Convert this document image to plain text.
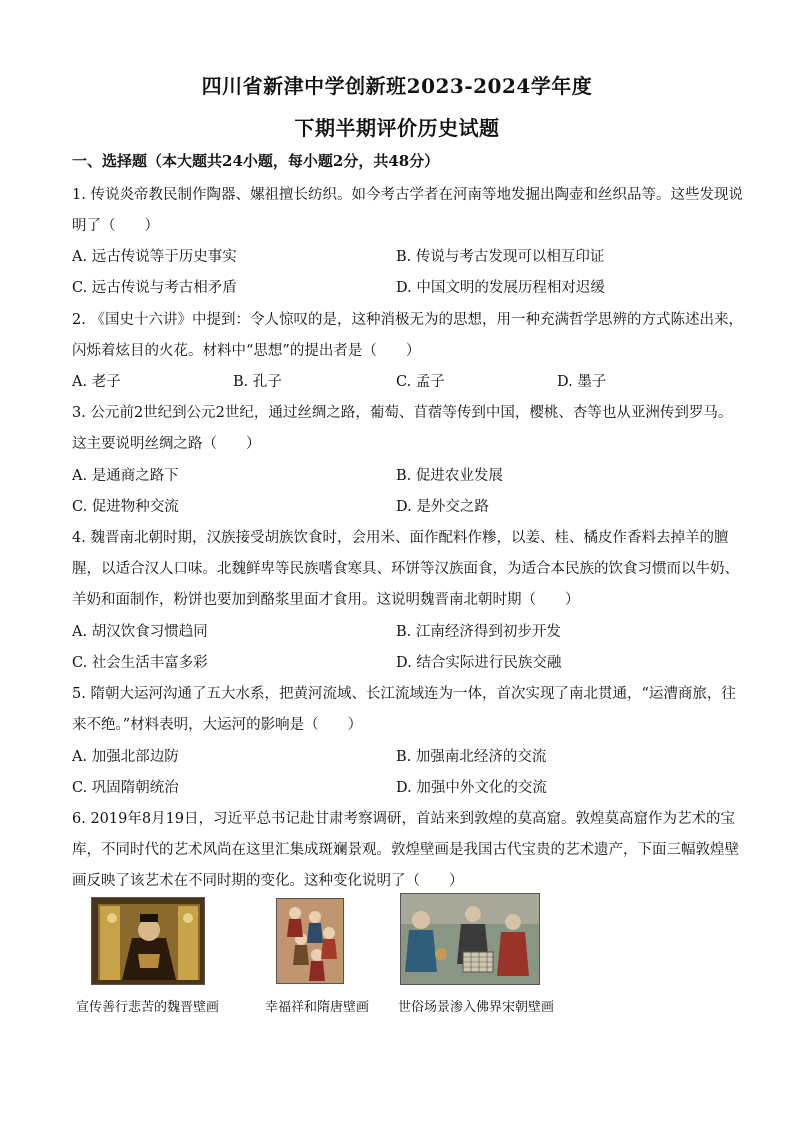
四川省新津中学创新班2023-2024学年度
下期半期评价历史试题
一、选择题（本大题共24小题，每小题2分，共48分）
1. 传说炎帝教民制作陶器、嫘祖擅长纺织。如今考古学者在河南等地发掘出陶壶和丝织品等。这些发现说
明了（　　）
A. 远古传说等于历史事实	B. 传说与考古发现可以相互印证
C. 远古传说与考古相矛盾	D. 中国文明的发展历程相对迟缓
2. 《国史十六讲》中提到：令人惊叹的是，这种消极无为的思想，用一种充满哲学思辨的方式陈述出来，
闪烁着炫目的火花。材料中“思想”的提出者是（　　）
A. 老子	B. 孔子	C. 孟子	D. 墨子
3. 公元前2世纪到公元2世纪，通过丝绸之路，葡萄、苜蓿等传到中国，樱桃、杏等也从亚洲传到罗马。
这主要说明丝绸之路（　　）
A. 是通商之路下	B. 促进农业发展
C. 促进物种交流	D. 是外交之路
4. 魏晋南北朝时期，汉族接受胡族饮食时，会用米、面作配料作糁，以姜、桂、橘皮作香料去掉羊的膻
腥，以适合汉人口味。北魏鲜卑等民族嗜食寒具、环饼等汉族面食，为适合本民族的饮食习惯而以牛奶、
羊奶和面制作，粉饼也要加到酪浆里面才食用。这说明魏晋南北朝时期（　　）
A. 胡汉饮食习惯趋同	B. 江南经济得到初步开发
C. 社会生活丰富多彩	D. 结合实际进行民族交融
5. 隋朝大运河沟通了五大水系，把黄河流域、长江流域连为一体，首次实现了南北贯通，“运漕商旅，往
来不绝。”材料表明，大运河的影响是（　　）
A. 加强北部边防	B. 加强南北经济的交流
C. 巩固隋朝统治	D. 加强中外文化的交流
6. 2019年8月19日，习近平总书记赴甘肃考察调研，首站来到敦煌的莫高窟。敦煌莫高窟作为艺术的宝
库，不同时代的艺术风尚在这里汇集成斑斓景观。敦煌壁画是我国古代宝贵的艺术遗产，下面三幅敦煌壁
画反映了该艺术在不同时期的变化。这种变化说明了（　　）
宣传善行悲苦的魏晋壁画	幸福祥和隋唐壁画 世俗场景渗入佛界宋朝壁画
